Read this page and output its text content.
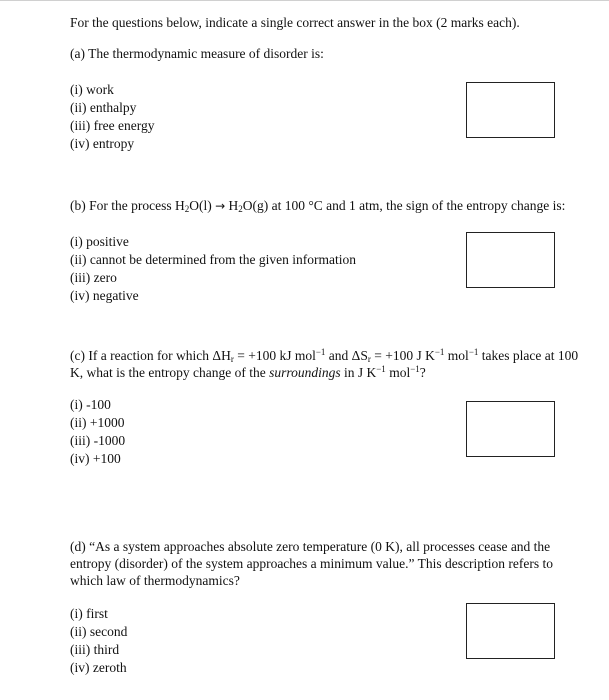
For the questions below, indicate a single correct answer in the box (2 marks each).
(a) The thermodynamic measure of disorder is:
(i) work
(ii) enthalpy
(iii) free energy
(iv) entropy
(b) For the process $H_2O(l) \to H_2O(g)$ at 100 °C and 1 atm, the sign of the entropy change is:
(i) positive
(ii) cannot be determined from the given information
(iii) zero
(iv) negative
(c) If a reaction for which $\Delta H_r = +100$ kJ mol$^{-1}$ and $\Delta S_r = +100$ J $K^{-1}$ mol$^{-1}$ takes place at 100
K, what is the entropy change of the surroundings in J $K^{-1}$ mol$^{-1}$?
(i) -100
(ii) +1000
(iii) -1000
(iv) +100
(d) “As a system approaches absolute zero temperature (0 K), all processes cease and the
entropy (disorder) of the system approaches a minimum value.” This description refers to
which law of thermodynamics?
(i) first
(ii) second
(iii) third
(iv) zeroth
